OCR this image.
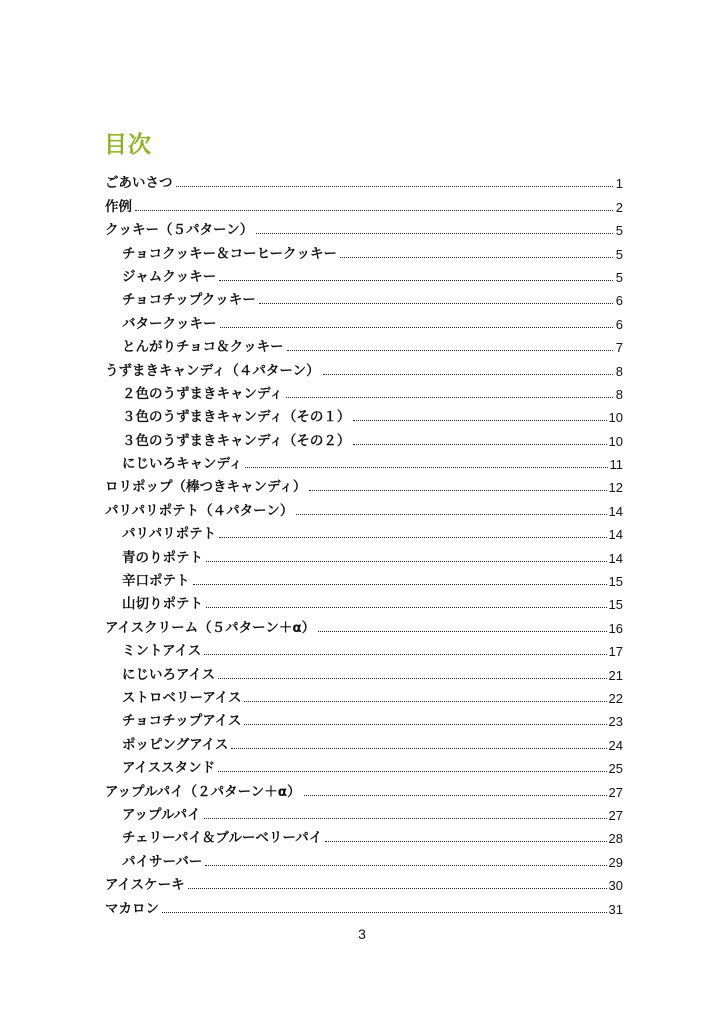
目次
ごあいさつ	1
作例	2
クッキー（５パターン）	5
チョコクッキー＆コーヒークッキー	5
ジャムクッキー	5
チョコチップクッキー	6
バタークッキー	6
とんがりチョコ＆クッキー	7
うずまきキャンディ（４パターン）	8
２色のうずまきキャンディ	8
３色のうずまきキャンディ（その１）	10
３色のうずまきキャンディ（その２）	10
にじいろキャンディ	11
ロリポップ（棒つきキャンディ）	12
パリパリポテト（４パターン）	14
パリパリポテト	14
青のりポテト	14
辛口ポテト	15
山切りポテト	15
アイスクリーム（５パターン＋α）	16
ミントアイス	17
にじいろアイス	21
ストロベリーアイス	22
チョコチップアイス	23
ポッピングアイス	24
アイススタンド	25
アップルパイ（２パターン＋α）	27
アップルパイ	27
チェリーパイ＆ブルーベリーパイ	28
パイサーバー	29
アイスケーキ	30
マカロン	31
3
